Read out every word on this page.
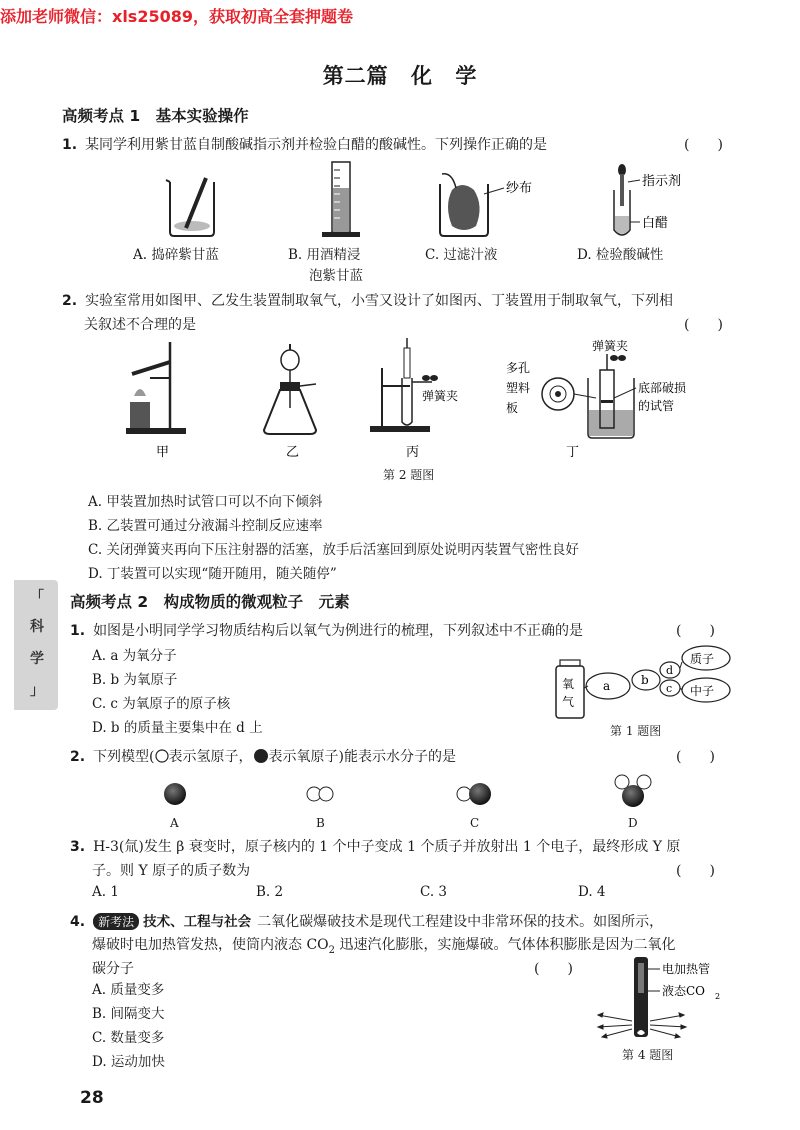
添加老师微信：xls25089，获取初高全套押题卷
第二篇 化 学
高频考点 1　基本实验操作
1. 某同学利用紫甘蓝自制酸碱指示剂并检验白醋的酸碱性。下列操作正确的是	(　　)
纱布	指示剂
白醋
A. 捣碎紫甘蓝	B. 用酒精浸
泡紫甘蓝
C. 过滤汁液	D. 检验酸碱性
2. 实验室常用如图甲、乙发生装置制取氧气，小雪又设计了如图丙、丁装置用于制取氧气，下列相
关叙述不合理的是	(　　)
弹簧夹
多孔
塑料
板
弹簧夹
底部破损
的试管
甲	乙	丙	丁
第 2 题图
A. 甲装置加热时试管口可以不向下倾斜
B. 乙装置可通过分液漏斗控制反应速率
C. 关闭弹簧夹再向下压注射器的活塞，放手后活塞回到原处说明丙装置气密性良好
D. 丁装置可以实现“随开随用，随关随停”
「
科
学
」
高频考点 2　构成物质的微观粒子　元素
1. 如图是小明同学学习物质结构后以氧气为例进行的梳理，下列叙述中不正确的是	(　　)
A. a 为氧分子
B. b 为氧原子
C. c 为氧原子的原子核
D. b 的质量主要集中在 d 上
氧
气
a	b
d
c
质子
中子
第 1 题图
2. 下列模型( 表示氢原子， 表示氧原子)能表示水分子的是	(　　)
A	B	C	D
3. H-3(氚)发生 β 衰变时，原子核内的 1 个中子变成 1 个质子并放射出 1 个电子，最终形成 Y 原
子。则 Y 原子的质子数为	(　　)
A. 1	B. 2	C. 3	D. 4
4. 新考法 技术、工程与社会 二氧化碳爆破技术是现代工程建设中非常环保的技术。如图所示，
爆破时电加热管发热，使筒内液态 $CO_2$ 迅速汽化膨胀，实施爆破。气体体积膨胀是因为二氧化
碳分子	(　　)
A. 质量变多
B. 间隔变大
C. 数量变多
D. 运动加快
电加热管
液态CO 2
第 4 题图
28
